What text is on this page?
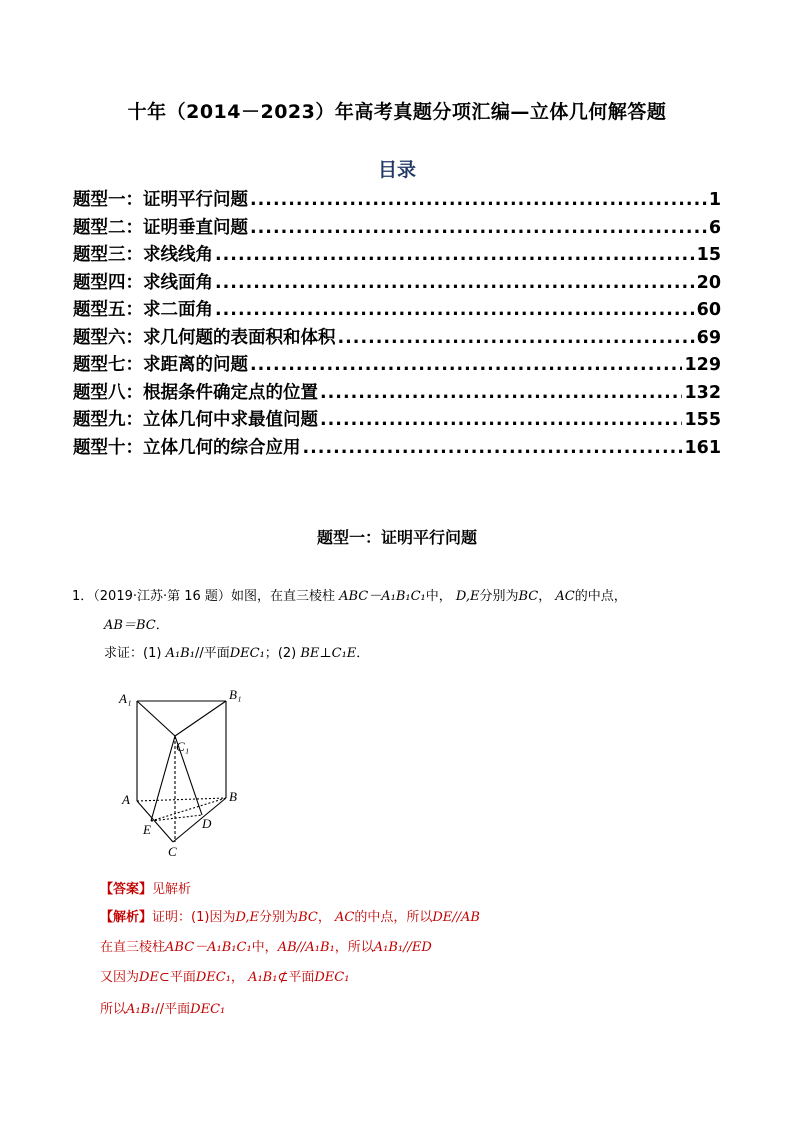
十年（2014－2023）年高考真题分项汇编—立体几何解答题
目录
题型一：证明平行问题 .....	1
题型二：证明垂直问题 .....	6
题型三：求线线角 .....	15
题型四：求线面角 .....	20
题型五：求二面角 .....	60
题型六：求几何题的表面积和体积 .....	69
题型七：求距离的问题 .....	129
题型八：根据条件确定点的位置 .....	132
题型九：立体几何中求最值问题 .....	155
题型十：立体几何的综合应用 .....	161
题型一：证明平行问题
1．（2019·江苏·第 16 题）如图，在直三棱柱 ABC－A₁B₁C₁中， D,E分别为BC， AC的中点，
AB＝BC．
求证：(1) A₁B₁//平面DEC₁；(2) BE⊥C₁E．
A₁	B₁
C₁
A	B
E	D
C
【答案】见解析
【解析】证明：(1)因为D,E分别为BC， AC的中点，所以DE//AB
在直三棱柱ABC－A₁B₁C₁中，AB//A₁B₁，所以A₁B₁//ED
又因为DE⊂平面DEC₁， A₁B₁⊄平面DEC₁
所以A₁B₁//平面DEC₁
